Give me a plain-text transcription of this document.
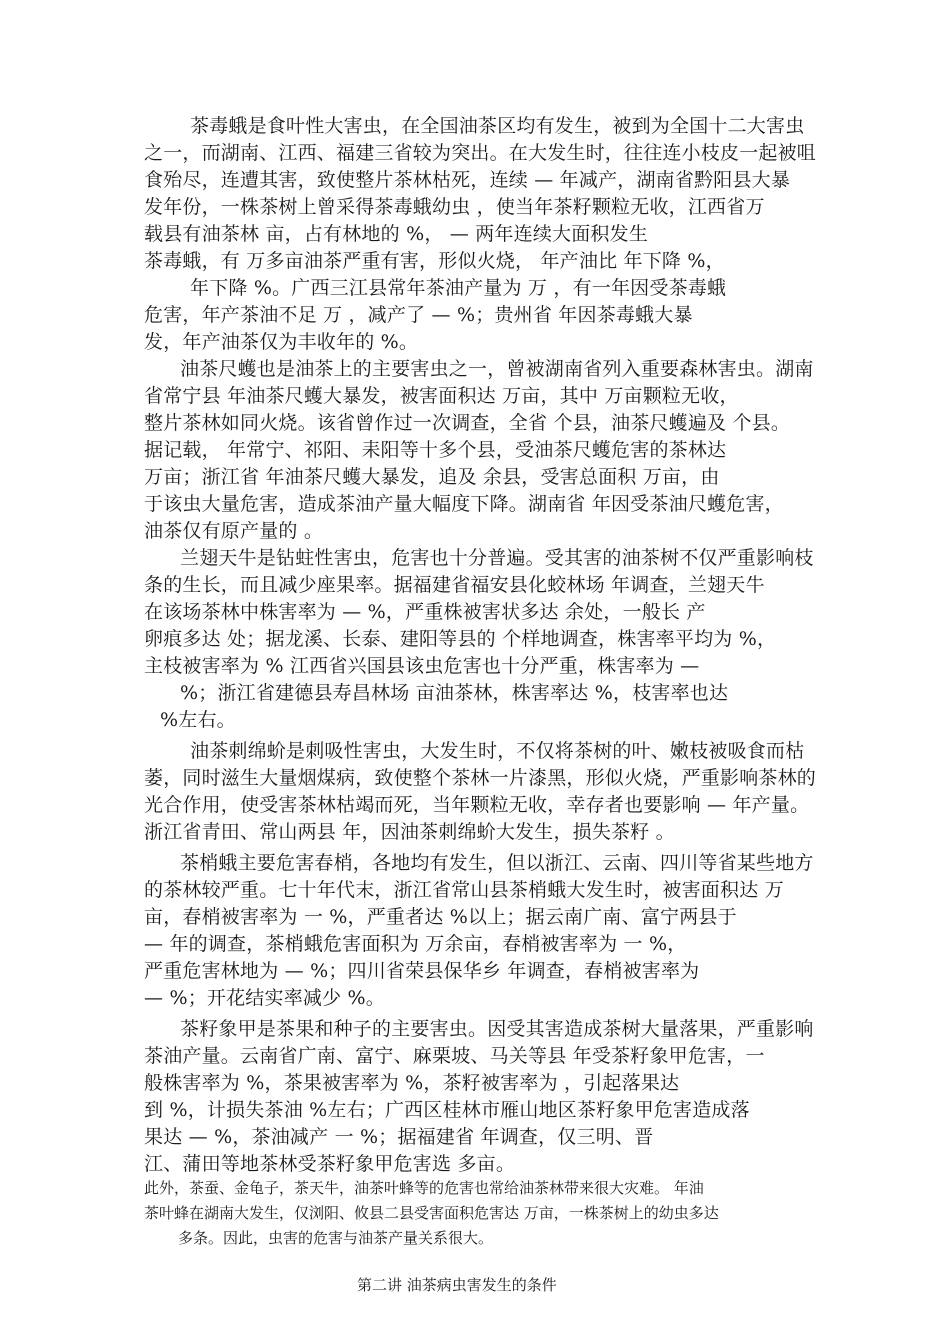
茶毒蛾是食叶性大害虫，在全国油茶区均有发生，被到为全国十二大害虫
之一，而湖南、江西、福建三省较为突出。在大发生时，往往连小枝皮一起被咀
食殆尽，连遭其害，致使整片茶林枯死，连续 — 年减产，湖南省黔阳县大暴
发年份，一株茶树上曾采得茶毒蛾幼虫 ，使当年茶籽颗粒无收，江西省万
载县有油茶林 亩，占有林地的 %， — 两年连续大面积发生
茶毒蛾，有 万多亩油茶严重有害，形似火烧， 年产油比 年下降 %，
年下降 %。广西三江县常年茶油产量为 万 ，有一年因受茶毒蛾
危害，年产茶油不足 万 ，减产了 — %；贵州省 年因茶毒蛾大暴
发，年产油茶仅为丰收年的 %。
油茶尺蠖也是油茶上的主要害虫之一，曾被湖南省列入重要森林害虫。湖南
省常宁县 年油茶尺蠖大暴发，被害面积达 万亩，其中 万亩颗粒无收，
整片茶林如同火烧。该省曾作过一次调查，全省 个县，油茶尺蠖遍及 个县。
据记载， 年常宁、祁阳、耒阳等十多个县，受油茶尺蠖危害的茶林达
万亩；浙江省 年油茶尺蠖大暴发，追及 余县，受害总面积 万亩，由
于该虫大量危害，造成茶油产量大幅度下降。湖南省 年因受茶油尺蠖危害，
油茶仅有原产量的 。
兰翅天牛是钻蛀性害虫，危害也十分普遍。受其害的油茶树不仅严重影响枝
条的生长，而且减少座果率。据福建省福安县化蛟林场 年调查，兰翅天牛
在该场茶林中株害率为 — %，严重株被害状多达 余处，一般长 产
卵痕多达 处；据龙溪、长泰、建阳等县的 个样地调查，株害率平均为 %，
主枝被害率为 % 江西省兴国县该虫危害也十分严重，株害率为 —
%；浙江省建德县寿昌林场 亩油茶林，株害率达 %，枝害率也达
%左右。
油茶刺绵蚧是刺吸性害虫，大发生时，不仅将茶树的叶、嫩枝被吸食而枯
萎，同时滋生大量烟煤病，致使整个茶林一片漆黑，形似火烧，严重影响茶林的
光合作用，使受害茶林枯竭而死，当年颗粒无收，幸存者也要影响 — 年产量。
浙江省青田、常山两县 年，因油茶刺绵蚧大发生，损失茶籽 。
茶梢蛾主要危害春梢，各地均有发生，但以浙江、云南、四川等省某些地方
的茶林较严重。七十年代末，浙江省常山县茶梢蛾大发生时，被害面积达 万
亩，春梢被害率为 一 %，严重者达 %以上；据云南广南、富宁两县于
— 年的调查，茶梢蛾危害面积为 万余亩，春梢被害率为 一 %，
严重危害林地为 — %；四川省荣县保华乡 年调查，春梢被害率为
— %；开花结实率减少 %。
茶籽象甲是茶果和种子的主要害虫。因受其害造成茶树大量落果，严重影响
茶油产量。云南省广南、富宁、麻栗坡、马关等县 年受茶籽象甲危害，一
般株害率为 %，茶果被害率为 %，茶籽被害率为 ，引起落果达
到 %，计损失茶油 %左右；广西区桂林市雁山地区茶籽象甲危害造成落
果达 — %，茶油减产 一 %；据福建省 年调查，仅三明、晋
江、蒲田等地茶林受茶籽象甲危害选 多亩。
此外，茶蚕、金龟子，茶天牛，油茶叶蜂等的危害也常给油茶林带来很大灾难。 年油
茶叶蜂在湖南大发生，仅浏阳、攸县二县受害面积危害达 万亩，一株茶树上的幼虫多达
多条。因此，虫害的危害与油茶产量关系很大。
第二讲 油茶病虫害发生的条件
